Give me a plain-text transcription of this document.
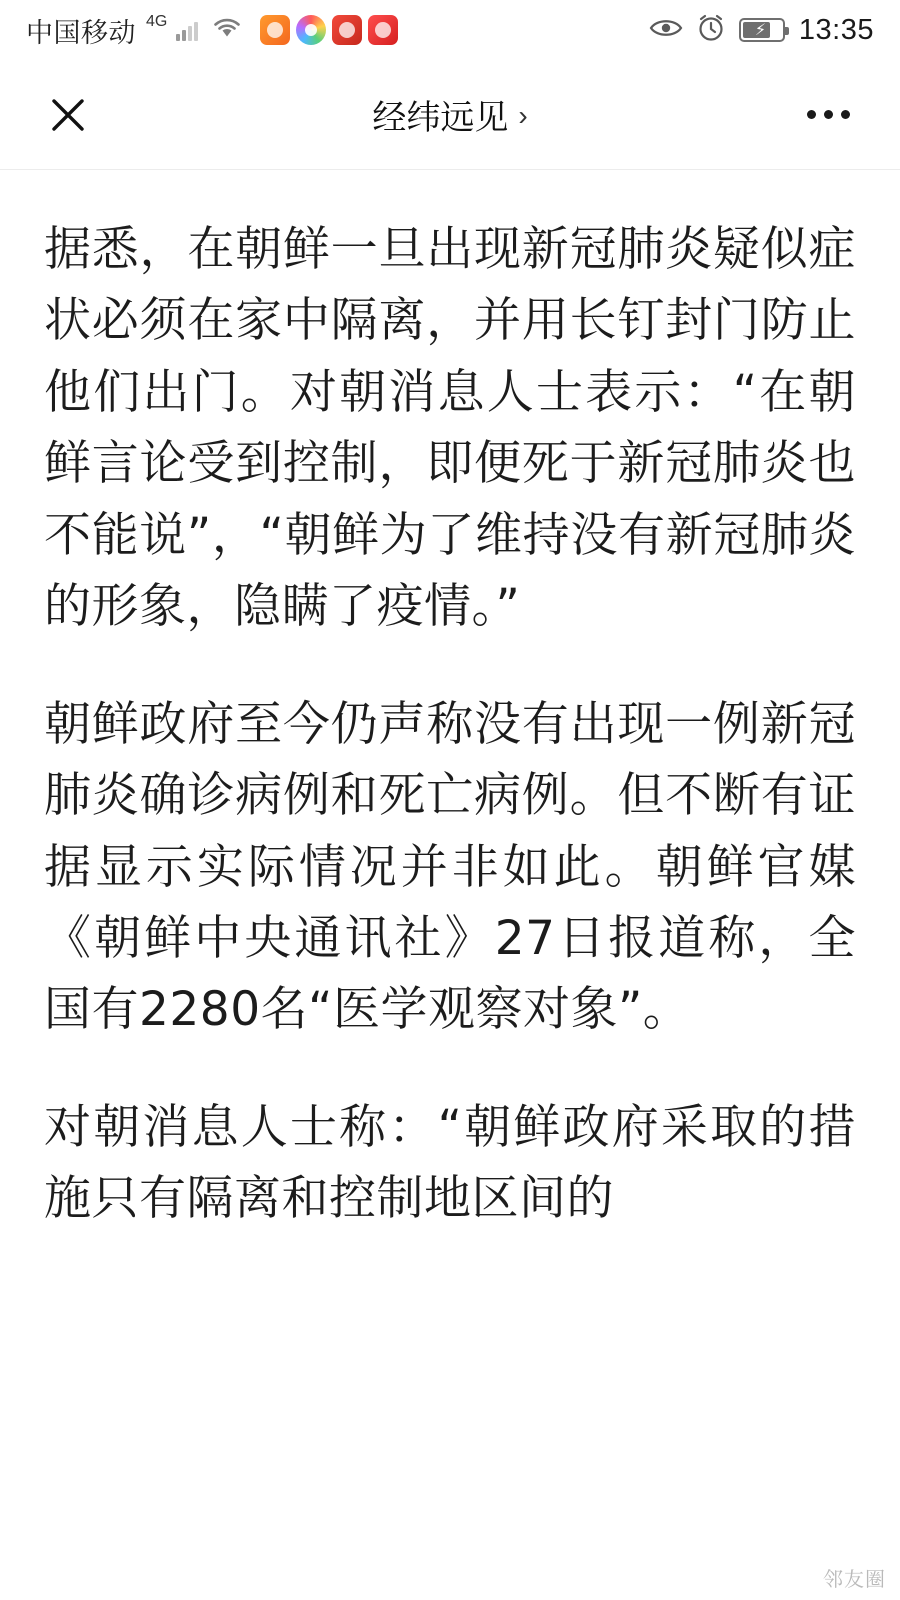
中国移动 4G
⚡ 13:35
经纬远见 ›

据悉，在朝鲜一旦出现新冠肺炎疑似症状必须在家中隔离，并用长钉封门防止他们出门。对朝消息人士表示：“在朝鲜言论受到控制，即便死于新冠肺炎也不能说”，“朝鲜为了维持没有新冠肺炎的形象，隐瞒了疫情。”

朝鲜政府至今仍声称没有出现一例新冠肺炎确诊病例和死亡病例。但不断有证据显示实际情况并非如此。朝鲜官媒《朝鲜中央通讯社》27日报道称，全国有2280名“医学观察对象”。

对朝消息人士称：“朝鲜政府采取的措施只有隔离和控制地区间的

邻友圈
